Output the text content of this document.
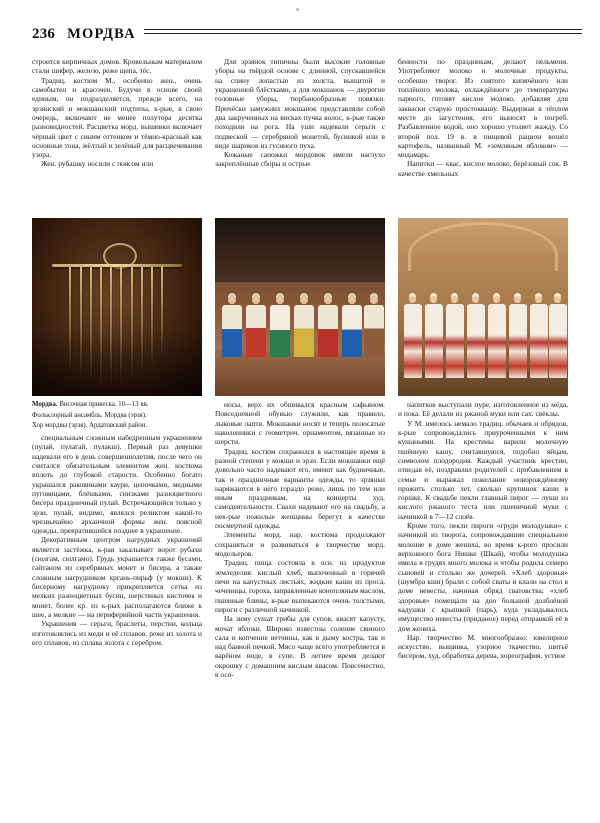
236 МОРДВА

строится кирпичных домов. Кровельным материалом стали шифер, железо, реже щепа, тёс.

Традиц. костюм М., особенно жен., очень самобытен и красочен. Будучи в основе своей единым, он подразделяется, прежде всего, на эрзянский и мокшанский подтипы, к-рые, в свою очередь, включают не менее полутора десятка разновидностей. Расцветка морд. вышивки включает чёрный цвет с синим оттенком и тёмно-красный как основные тона, жёлтый и зелёный для расцвечивания узора.

Жен. рубашку носили с поясом или

Для эрзянок типичны были высокие головные уборы на твёрдой основе с длинной, спускавшейся на спину лопастью из холста, вышитой и украшенной блёстками, а для мокшанок — двурогие головные уборы, тюрбанообразные повязки. Причёски замужних мокшанок представляли собой два закрученных на висках пучка волос, к-рые также походили на рога. На уши надевали серьги с подвеской — серебряной монетой, бусинкой или в виде шариков из гусиного пуха.

Кожаные сапожки мордовок имели наглухо закреплённые сборы и острые

бенности по праздникам, делают пельмени. Употребляют молоко и молочные продукты, особенно творог. Из снятого кипячёного или топлёного молока, охлаждённого до температуры парного, готовят кислое молоко, добавляя для закваски старую простоквашу. Выдержав в тёплом месте до загустения, его выносят в погреб. Разбавленное водой, оно хорошо утоляет жажду. Со второй пол. 19 в. в пищевой рацион вошёл картофель, названный М. «земляным яблоком» — модамарь.

Напитки — квас, кислое молоко, берёзовый сок. В качестве хмельных

Мордва. Височная привеска. 10—13 вв.

Фольклорный ансамбль. Мордва (эрзя).

Хор мордвы (эрзя). Ардатовский район.

специальным сложным набедренным украшением (пулай, пулагай, пулакш). Первый раз девушки надевали его в день совершеннолетия, после чего он считался обязательным элементом жен. костюма вплоть до глубокой старости. Особенно богато украшался раковинами каури, цепочками, медными пуговицами, блёшками, снизками разноцветного бисера праздничный пулай. Встречающийся только у эрзи, пулай, видимо, являлся реликтом какой-то чрезвычайно архаичной формы жен. поясной одежды, превратившейся позднее в украшение.

Декоративным центром нагрудных украшений является застёжка, к-рая закалывает ворот рубахи (сюлгам, сюлгамо). Грудь украшается также бусами, гайтаном из серебряных монет и бисера, а также сложным нагрудником кргань-пирьф (у мокши). К бисерному нагруднику прикрепляется сетка из мелких разноцветных бусин, шерстяных кисточек и монет, более кр. из к-рых располагаются ближе к шее, а мелкие — на периферийной части украшения.

Украшения — серьги, браслеты, перстни, кольца изготовлялись из меди и её сплавов, реже из золота и его сплавов, из сплава золота с серебром.

носы, верх их обшивался красным сафьяном. Повседневной обувью служили, как правило, лыковые лапти. Мокшанки носят и теперь полосатые наколенники с геометрич. орнаментом, вязанные из шерсти.

Традиц. костюм сохранился в настоящее время в разной степени у мокши и эрзи. Если мокшанки ещё довольно часто надевают его, имеют как будничные, так и праздничные варианты одежды, то эрзянки наряжаются в него гораздо реже, лишь по тем или иным праздникам, на концерты худ. самодеятельности. Свахи надевают его на свадьбу, а нек-рые пожилые женщины берегут в качестве посмертной одежды.

Элементы морд. нар. костюма продолжают сохраняться и развиваться в творчестве морд. модельеров.

Традиц. пища состояла в осн. из продуктов земледелия: кислый хлеб, выпеченный в горячей печи на капустных листьях, жидкие каши из проса, чечевицы, гороха, заправленные конопляным маслом, пшенные блины, к-рые выпекаются очень толстыми, пироги с различной начинкой.

На зиму сушат грибы для супов, квасят капусту, мочат яблоки. Широко известны соление свиного сала и копчение ветчины, как в дыму костра, так и над банной печкой. Мясо чаще всего употребляется в варёном виде, в супе. В летнее время делают окрошку с домашним кислым квасом. Повсеместно, в осо-

напитков выступали пуре, изготовленное из мёда, и пока. Её делали из ржаной муки или сах. свёклы.

У М. имелось немало традиц. обычаев и обрядов, к-рые сопровождались приуроченными к ним кушаньями. На крестины варили молочную пшённую кашу, считавшуюся, подобно яйцам, символом плодородия. Каждый участник крестин, отведав её, поздравлял родителей с прибавлением в семье и выражал пожелание новорождённому прожить столько лет, сколько крупинок каши в горшке. К свадьбе пекли главный пирог — лукш из кислого ржаного теста или пшеничной муки с начинкой в 7—12 слоёв.

Кроме того, пекли пироги «груди молодушки» с начинкой из творога, сопровождавшие специальное моление в доме жениха, во время к-рого просили верховного бога Нишке (Шкай), чтобы молодушка имела в грудях много молока и чтобы родила семеро сыновей и столько же дочерей. «Хлеб здоровья» (шумбра кши) брали с собой сваты и клали на стол в доме невесты, начиная обряд сватовства; «хлеб здоровья» помещали на дно большой долблёной кадушки с крышкой (парь), куда укладывалось имущество невесты (приданое) перед отправкой её в дом жениха.

Нар. творчество М. многообразно: ювелирное искусство, вышивка, узорное ткачество, шитьё бисером, худ. обработка дерева, хореография, устное
